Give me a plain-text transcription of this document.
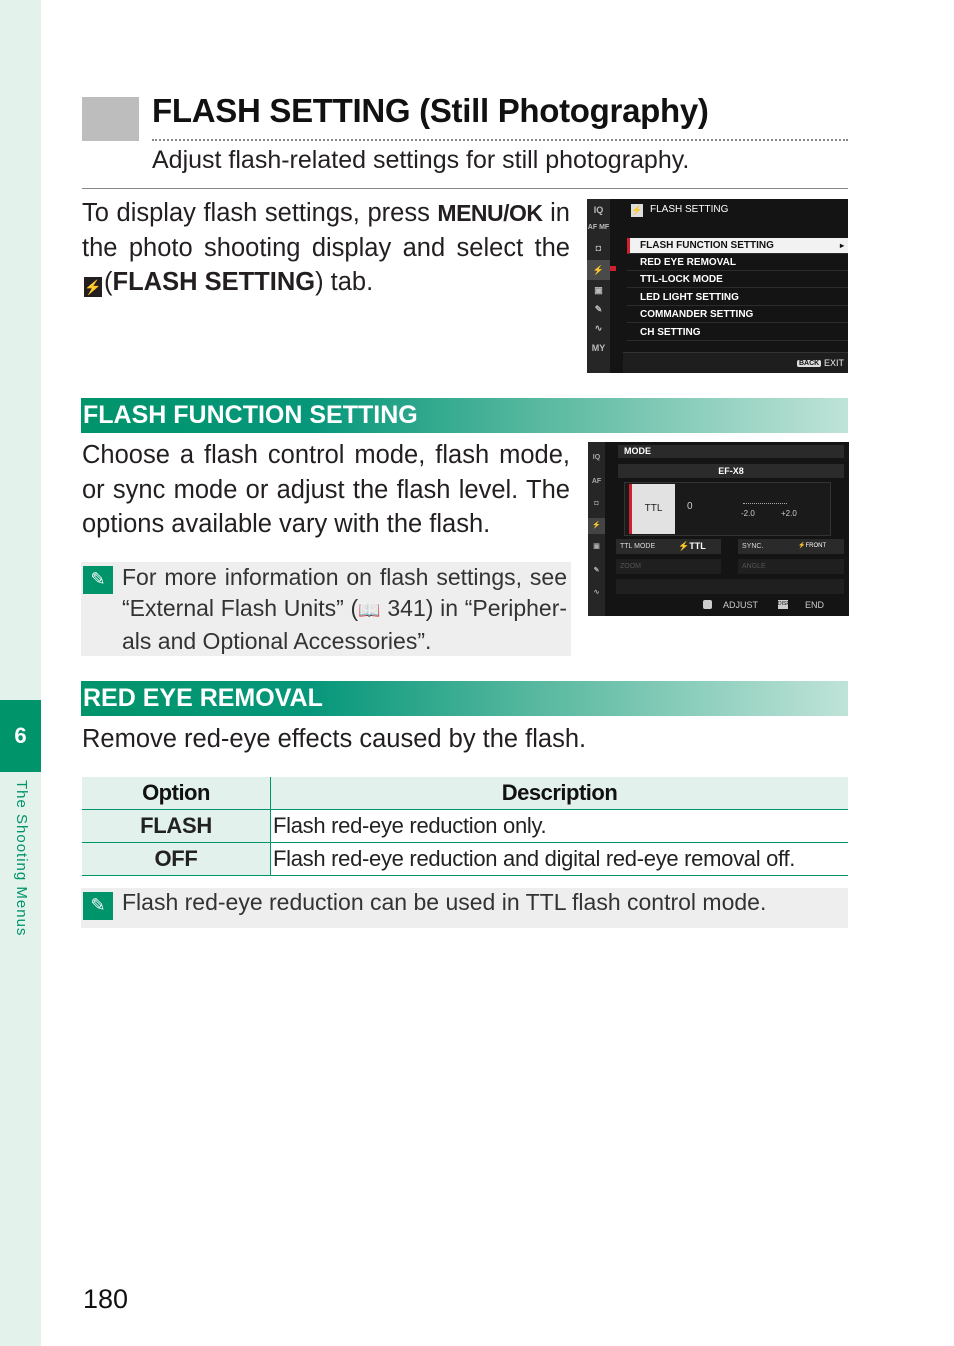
6
The Shooting Menus
FLASH SETTING (Still Photography)
Adjust flash-related settings for still photography.
To display flash settings, press MENU/OK in the photo shooting display and select the ⚡(FLASH SETTING) tab.
IQ
AF MF
◘
⚡
▣
✎
∿
MY
⚡ FLASH SETTING
FLASH FUNCTION SETTING	▸
RED EYE REMOVAL
TTL-LOCK MODE
LED LIGHT SETTING
COMMANDER SETTING
CH SETTING
BACK EXIT
FLASH FUNCTION SETTING
Choose a flash control mode, flash mode, or sync mode or adjust the flash level. The options available vary with the flash.
✎ For more information on flash settings, see “External Flash Units” (📖 341) in “Peripher-als and Optional Accessories”.
IQ
AF
◘
⚡
▣
✎
∿
MODE
EF-X8
TTL	0
-2.0	+2.0
TTL MODE	⚡TTL	SYNC.	⚡FRONT
ZOOM	ANGLE
ADJUST	DISP END
RED EYE REMOVAL
Remove red-eye effects caused by the flash.
Option	Description
FLASH	Flash red-eye reduction only.
OFF	Flash red-eye reduction and digital red-eye removal off.
✎ Flash red-eye reduction can be used in TTL flash control mode.
180
